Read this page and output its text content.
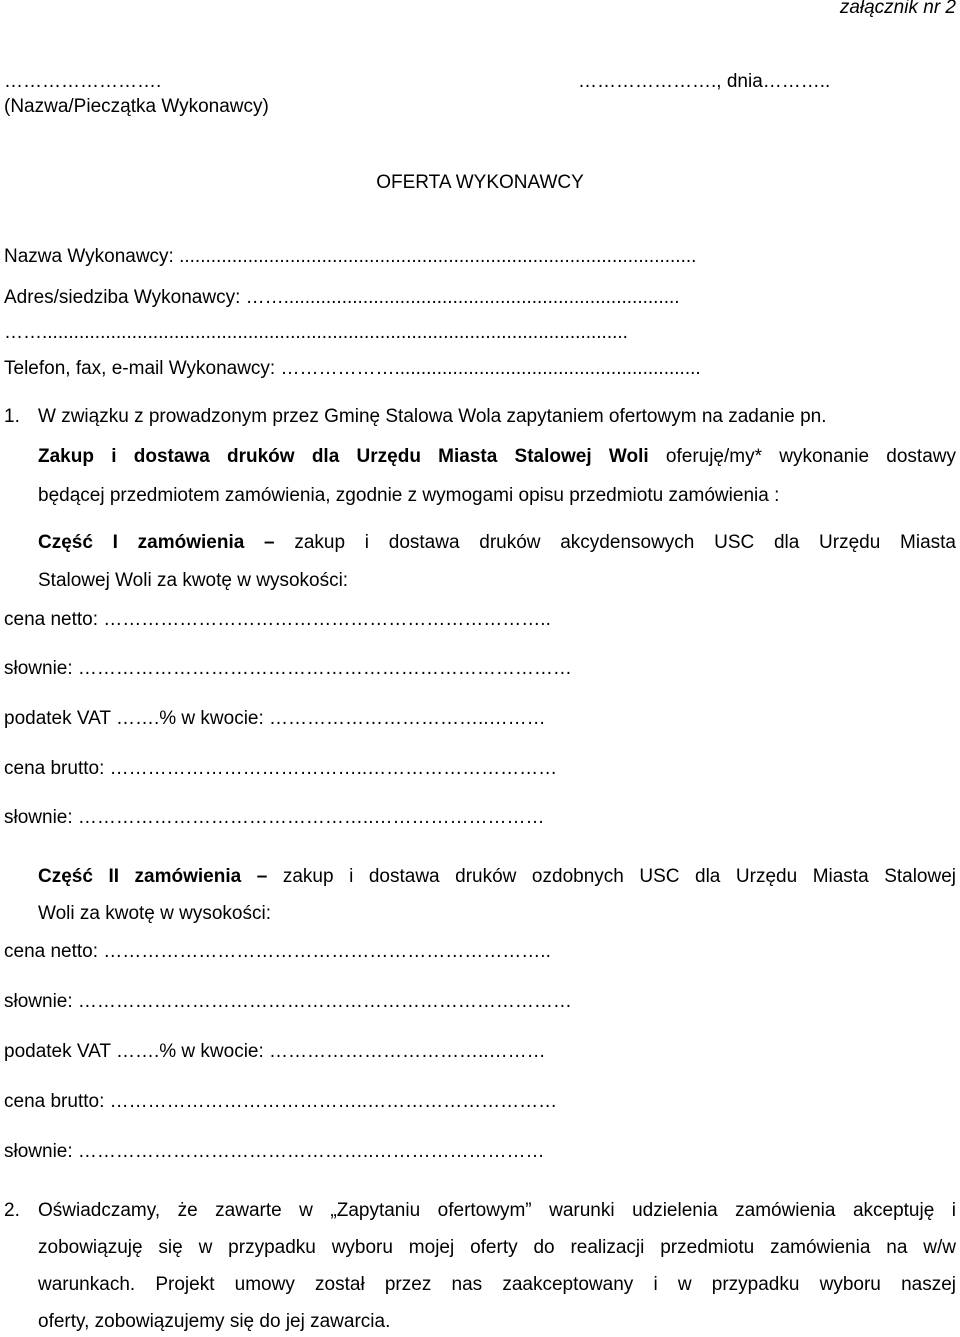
załącznik nr 2
…………………….	…………………., dnia………..
(Nazwa/Pieczątka Wykonawcy)
OFERTA WYKONAWCY
Nazwa Wykonawcy: ..................................................................................................
Adres/siedziba Wykonawcy: ……...........................................................................
……...............................................................................................................
Telefon, fax, e-mail Wykonawcy: ………………..........................................................
1. W związku z prowadzonym przez Gminę Stalowa Wola zapytaniem ofertowym na zadanie pn.
Zakup i dostawa druków dla Urzędu Miasta Stalowej Woli oferuję/my* wykonanie dostawy
będącej przedmiotem zamówienia, zgodnie z wymogami opisu przedmiotu zamówienia :
Część I zamówienia – zakup i dostawa druków akcydensowych USC dla Urzędu Miasta
Stalowej Woli za kwotę w wysokości:
cena netto: ……………………………………………………………..
słownie: ……………………………………………………………………
podatek VAT …….% w kwocie: ……………………………..………
cena brutto: …………………………………..…………………………
słownie: ………………………………………..………………………
Część II zamówienia – zakup i dostawa druków ozdobnych USC dla Urzędu Miasta Stalowej
Woli za kwotę w wysokości:
cena netto: ……………………………………………………………..
słownie: ……………………………………………………………………
podatek VAT …….% w kwocie: ……………………………..………
cena brutto: …………………………………..…………………………
słownie: ………………………………………..………………………
2. Oświadczamy, że zawarte w „Zapytaniu ofertowym” warunki udzielenia zamówienia akceptuję i
zobowiązuję się w przypadku wyboru mojej oferty do realizacji przedmiotu zamówienia na w/w
warunkach. Projekt umowy został przez nas zaakceptowany i w przypadku wyboru naszej
oferty, zobowiązujemy się do jej zawarcia.
